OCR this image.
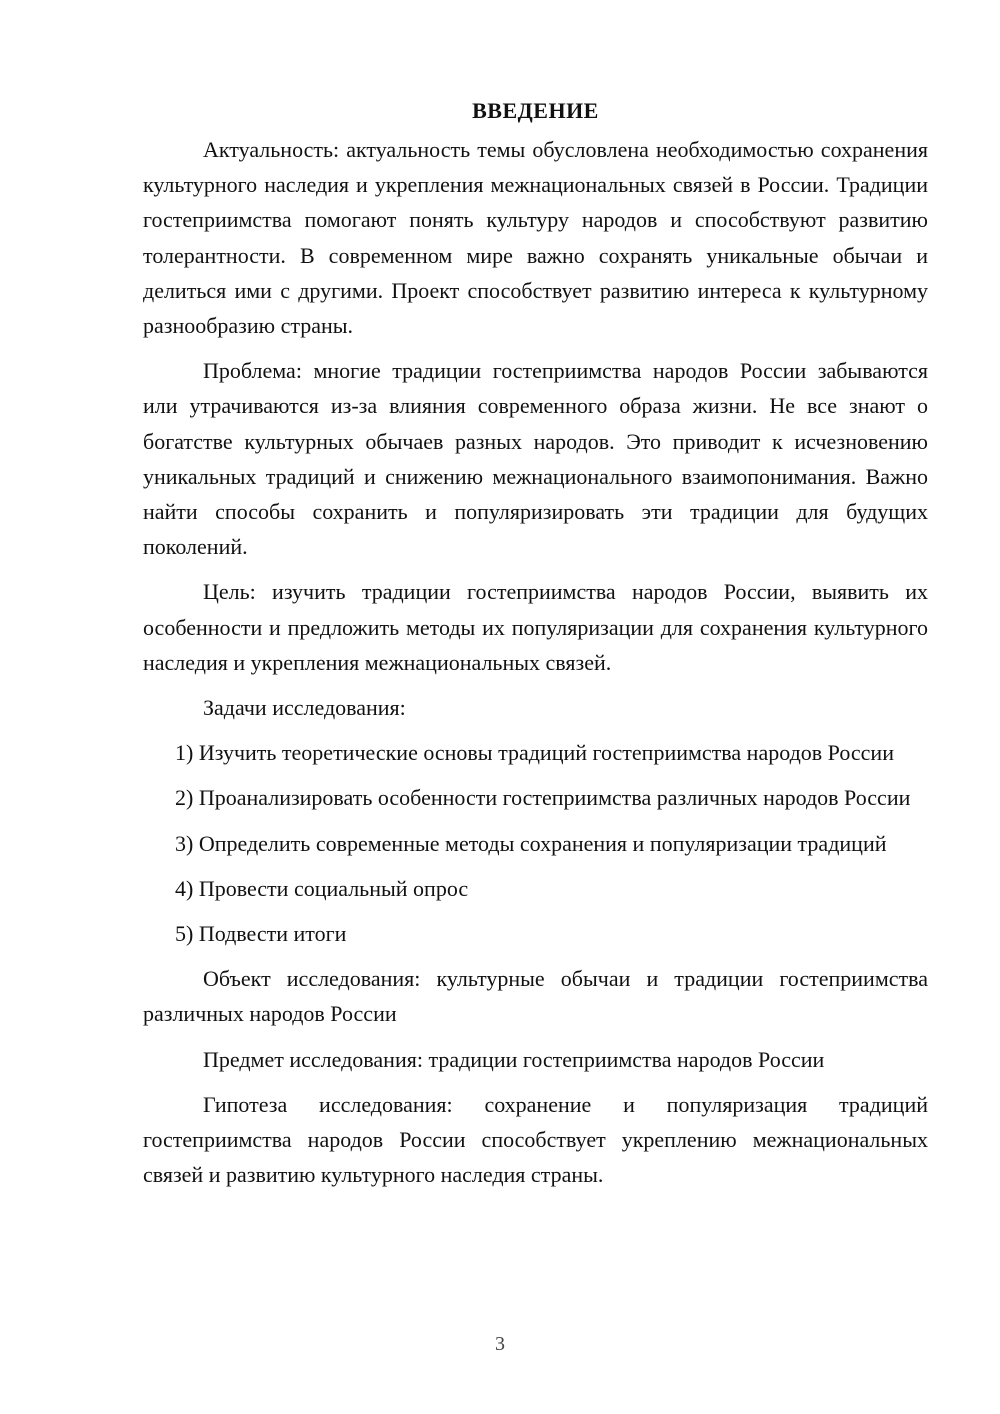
ВВЕДЕНИЕ

Актуальность: актуальность темы обусловлена необходимостью сохранения культурного наследия и укрепления межнациональных связей в России. Традиции гостеприимства помогают понять культуру народов и способствуют развитию толерантности. В современном мире важно сохранять уникальные обычаи и делиться ими с другими. Проект способствует развитию интереса к культурному разнообразию страны.

Проблема: многие традиции гостеприимства народов России забываются или утрачиваются из-за влияния современного образа жизни. Не все знают о богатстве культурных обычаев разных народов. Это приводит к исчезновению уникальных традиций и снижению межнационального взаимопонимания. Важно найти способы сохранить и популяризировать эти традиции для будущих поколений.

Цель: изучить традиции гостеприимства народов России, выявить их особенности и предложить методы их популяризации для сохранения культурного наследия и укрепления межнациональных связей.

Задачи исследования:

1) Изучить теоретические основы традиций гостеприимства народов России

2) Проанализировать особенности гостеприимства различных народов России

3) Определить современные методы сохранения и популяризации традиций

4) Провести социальный опрос

5) Подвести итоги

Объект исследования: культурные обычаи и традиции гостеприимства различных народов России

Предмет исследования: традиции гостеприимства народов России

Гипотеза исследования: сохранение и популяризация традиций гостеприимства народов России способствует укреплению межнациональных связей и развитию культурного наследия страны.

3
